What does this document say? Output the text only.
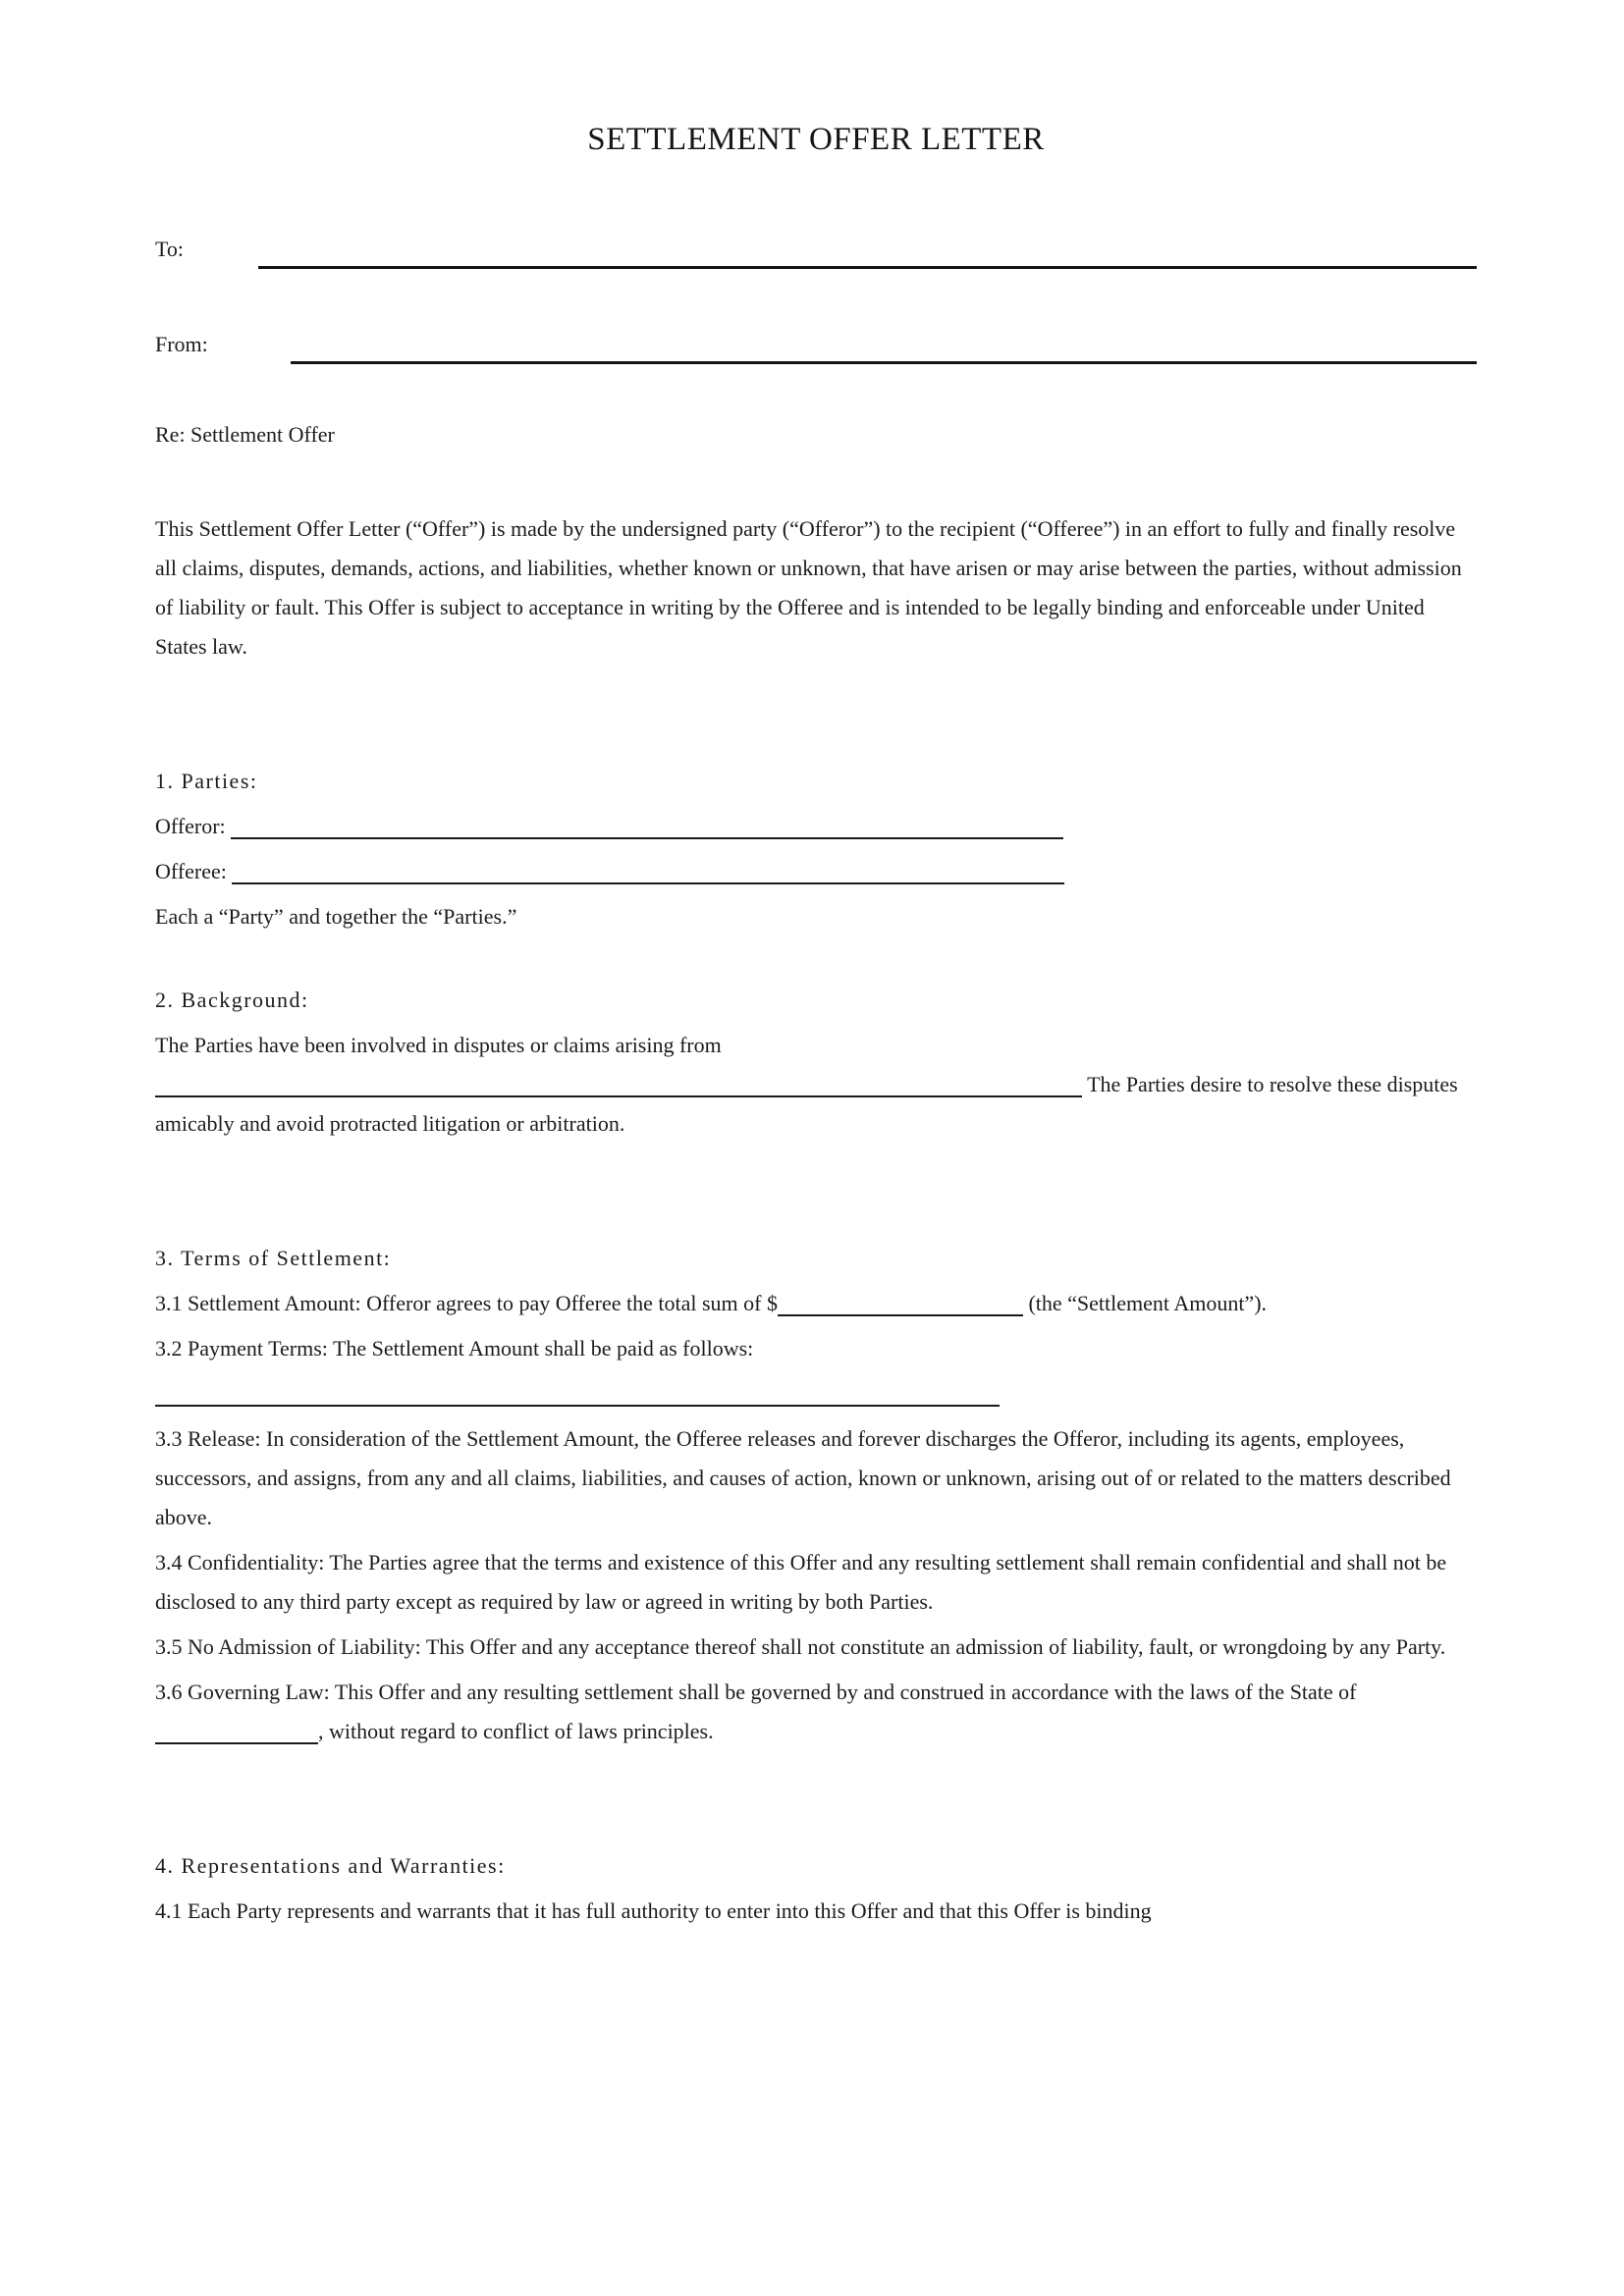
SETTLEMENT OFFER LETTER
To:
From:

Re: Settlement Offer

This Settlement Offer Letter (“Offer”) is made by the undersigned party (“Offeror”) to the recipient (“Offeree”) in an effort to fully and finally resolve all claims, disputes, demands, actions, and liabilities, whether known or unknown, that have arisen or may arise between the parties, without admission of liability or fault. This Offer is subject to acceptance in writing by the Offeree and is intended to be legally binding and enforceable under United States law.

1. Parties:

Offeror:

Offeree:

Each a “Party” and together the “Parties.”

2. Background:

The Parties have been involved in disputes or claims arising from  The Parties desire to resolve these disputes amicably and avoid protracted litigation or arbitration.

3. Terms of Settlement:

3.1 Settlement Amount: Offeror agrees to pay Offeree the total sum of $	(the “Settlement Amount”).

3.2 Payment Terms: The Settlement Amount shall be paid as follows:

3.3 Release: In consideration of the Settlement Amount, the Offeree releases and forever discharges the Offeror, including its agents, employees, successors, and assigns, from any and all claims, liabilities, and causes of action, known or unknown, arising out of or related to the matters described above.

3.4 Confidentiality: The Parties agree that the terms and existence of this Offer and any resulting settlement shall remain confidential and shall not be disclosed to any third party except as required by law or agreed in writing by both Parties.

3.5 No Admission of Liability: This Offer and any acceptance thereof shall not constitute an admission of liability, fault, or wrongdoing by any Party.

3.6 Governing Law: This Offer and any resulting settlement shall be governed by and construed in accordance with the laws of the State of , without regard to conflict of laws principles.

4. Representations and Warranties:

4.1 Each Party represents and warrants that it has full authority to enter into this Offer and that this Offer is binding
